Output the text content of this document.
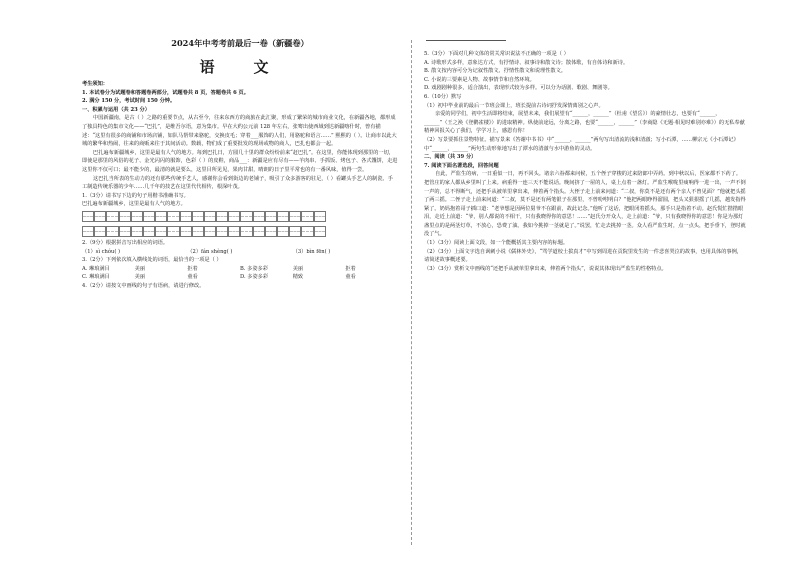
2024年中考考前最后一卷（新疆卷）
语　文

考生须知：

1. 本试卷分为试题卷和答题卷两部分，试题卷共 8 页，答题卷共 6 页。

2. 满分 150 分，考试时间 150 分钟。

一、积累与运用（共 23 分）

中国新疆南，是古（ ）之路的重要节点，从古至今，往来东西方的商旅在此汇聚，形成了繁荣的城市商业文化，在新疆各地，都形成了独具特色的集市文化——“巴扎”，是维吾尔语，意为集市。早在大约公元前 128 年左右，张骞出使西域到达新疆喀什时，曾有描述：“这里有很多的商铺和市场店铺，如队马帮带来骆驼，交换皮毛；穿着___服饰的人们，用骆驼和语言……” 熙熙的（ ）。让商市以此大城的繁华和热闹，往来的商贩来往于其间活动。数载，物们成了重要批发的现场或物的商人，巴扎也都会一起。

巴扎遍布新疆城乡，这里是最有人气的地方。每到巴扎日，方圆几十里的群众纷纷前来“赶巴扎”。在这里，你能体现到那里的一切，即使是那里的风俗的花子、金光闪闪的服饰，色彩（ ）的皮鞋，商品___：新疆是应有尽有——羊肉串、手抓饭、烤包子、各式馕饼，走进这里你不仅可口；最不能少的，最清的就是要么，这里目所见见，果肉甘甜，晴朗的日子里平常也的有一番风味，值得一尝。

这巴扎当所表的生动力的还有那些传统手艺人，感谢你会看到街边的老铺子，吸引了众多游客的驻足，（ ）看罐头手艺人的制瓷、手工制造传统乐器的少年……几千年的技艺在这里代代相传，根深叶茂。

1.（3分）请书写下边的句子用楷书准确书写。

巴扎遍布新疆城乡，这里是最有人气的地方。

2.（9分）根据拼音写出相应的词语。

（1）sì chóu( )	（2）fán shèng( )	（3）bìn fēn( )

3.（2分）下列依次填入横线处的词语，最恰当的一项是（ ）

A. 琳琅满目	美丽	拒着	B. 多姿多彩	美丽	拒着
C. 琳琅满目	美丽	童看	D. 多姿多彩	精致	童看

4.（2分）请按文中画线的句子有语病，请进行修改。

5.（3分）下面对几种文体的常关常识说法不正确的一项是（ ）

A. 诗歌形式多样，意象达方式，有抒情诗、叙事诗和散文诗；散体歌，有自体诗和新诗。

B. 散文按内容可分为记叙性散文、抒情性散文和说理性散文。

C. 小说的三要素是人物、故事情节和自然环境。

D. 戏剧剧种很多，适合演出，表现形式较为多样。可以分为话剧、歌剧、舞剧等。

6.（10分）默写

（1）初中毕业前的最后一节班会课上，班长提前古诗词抒发深情离别之心声。

亲爱的同学们，初中生活即将结束，展望未来，我们展望有“______，______”（杜甫《望岳》）的豪情壮志，也要有“______，______”（王之涣《登鹳雀楼》）的进取精神。纵使前途远，分离之路，也要“______，______”（李商隐《无题·相见时难别亦难》）的无私奉献精神回报关心了我们，学学习上，感恩有你！

（2）写景要抓住景物特征。描写景来《答谢中书书》中“______，______”两句写出清流的浅和清澈；写小石潭，……柳宗元《小石潭记》中“______，______”两句生动形象地写出了潭水的清澈与水中游鱼的灵动。

二、阅读（共 39 分）

7. 阅读下面名著选段，回答问题

自此，严监生的病，一日重似一日，再不回头。诸亲六眷都来问候，五个侄子穿梭的过来陪郎中弄药。到中秋以后，医家都不下药了。把管庄的家人都从乡里叫了上来。病重得一连三天不能说话。晚间挤了一屋的人，桌上点着一盏灯。严监生喉咙里痰响得一进一出，一声不倒一声的，总不得断气，还把手从被单里拿出来，伸着两个指头。大侄子走上前来问道：“二叔，你莫不是还有两个亲人不曾见面？”他就把头摇了两三摇。二侄子走上前来问道：“二叔，莫不是还有两笔银子在那里，不曾吩咐明白？”他把两眼睁得溜圆，把头又狠狠摇了几摇，越发指得紧了。奶妈抱着哥子插口道：“老爷想是因两位舅爷不在跟前，故此记念。”他听了这话，把眼闭着摇头，那手只是指着不动。赵氏慌忙揩揩眼泪，走近上前道：“爷，别人都说的不相干，只有我晓得你的意思！……”赵氏分开众人，走上前道：“爷，只有我晓得你的意思！你是为那灯盏里点的是两茎灯草，不放心，恐费了油。我如今挑掉一茎就是了。”说罢，忙走去挑掉一茎。众人看严监生时，点一点头，把手垂下，登时就没了气。

（1）（3分）阅读上面文段，如一个能概括其主要内容的标题。

（2）（3分）上面文字选自讽刺小说《儒林外史》，“骂学道校士拔真才”中写到周进在贡院里发生的一件悲喜哭泣的故事，也用具体的事例，请简述故事概述要。

（3）（3分）赏析文中画线的“还把手从被单里拿出来，伸着两个指头”，说说其体现出严监生的性格特点。
